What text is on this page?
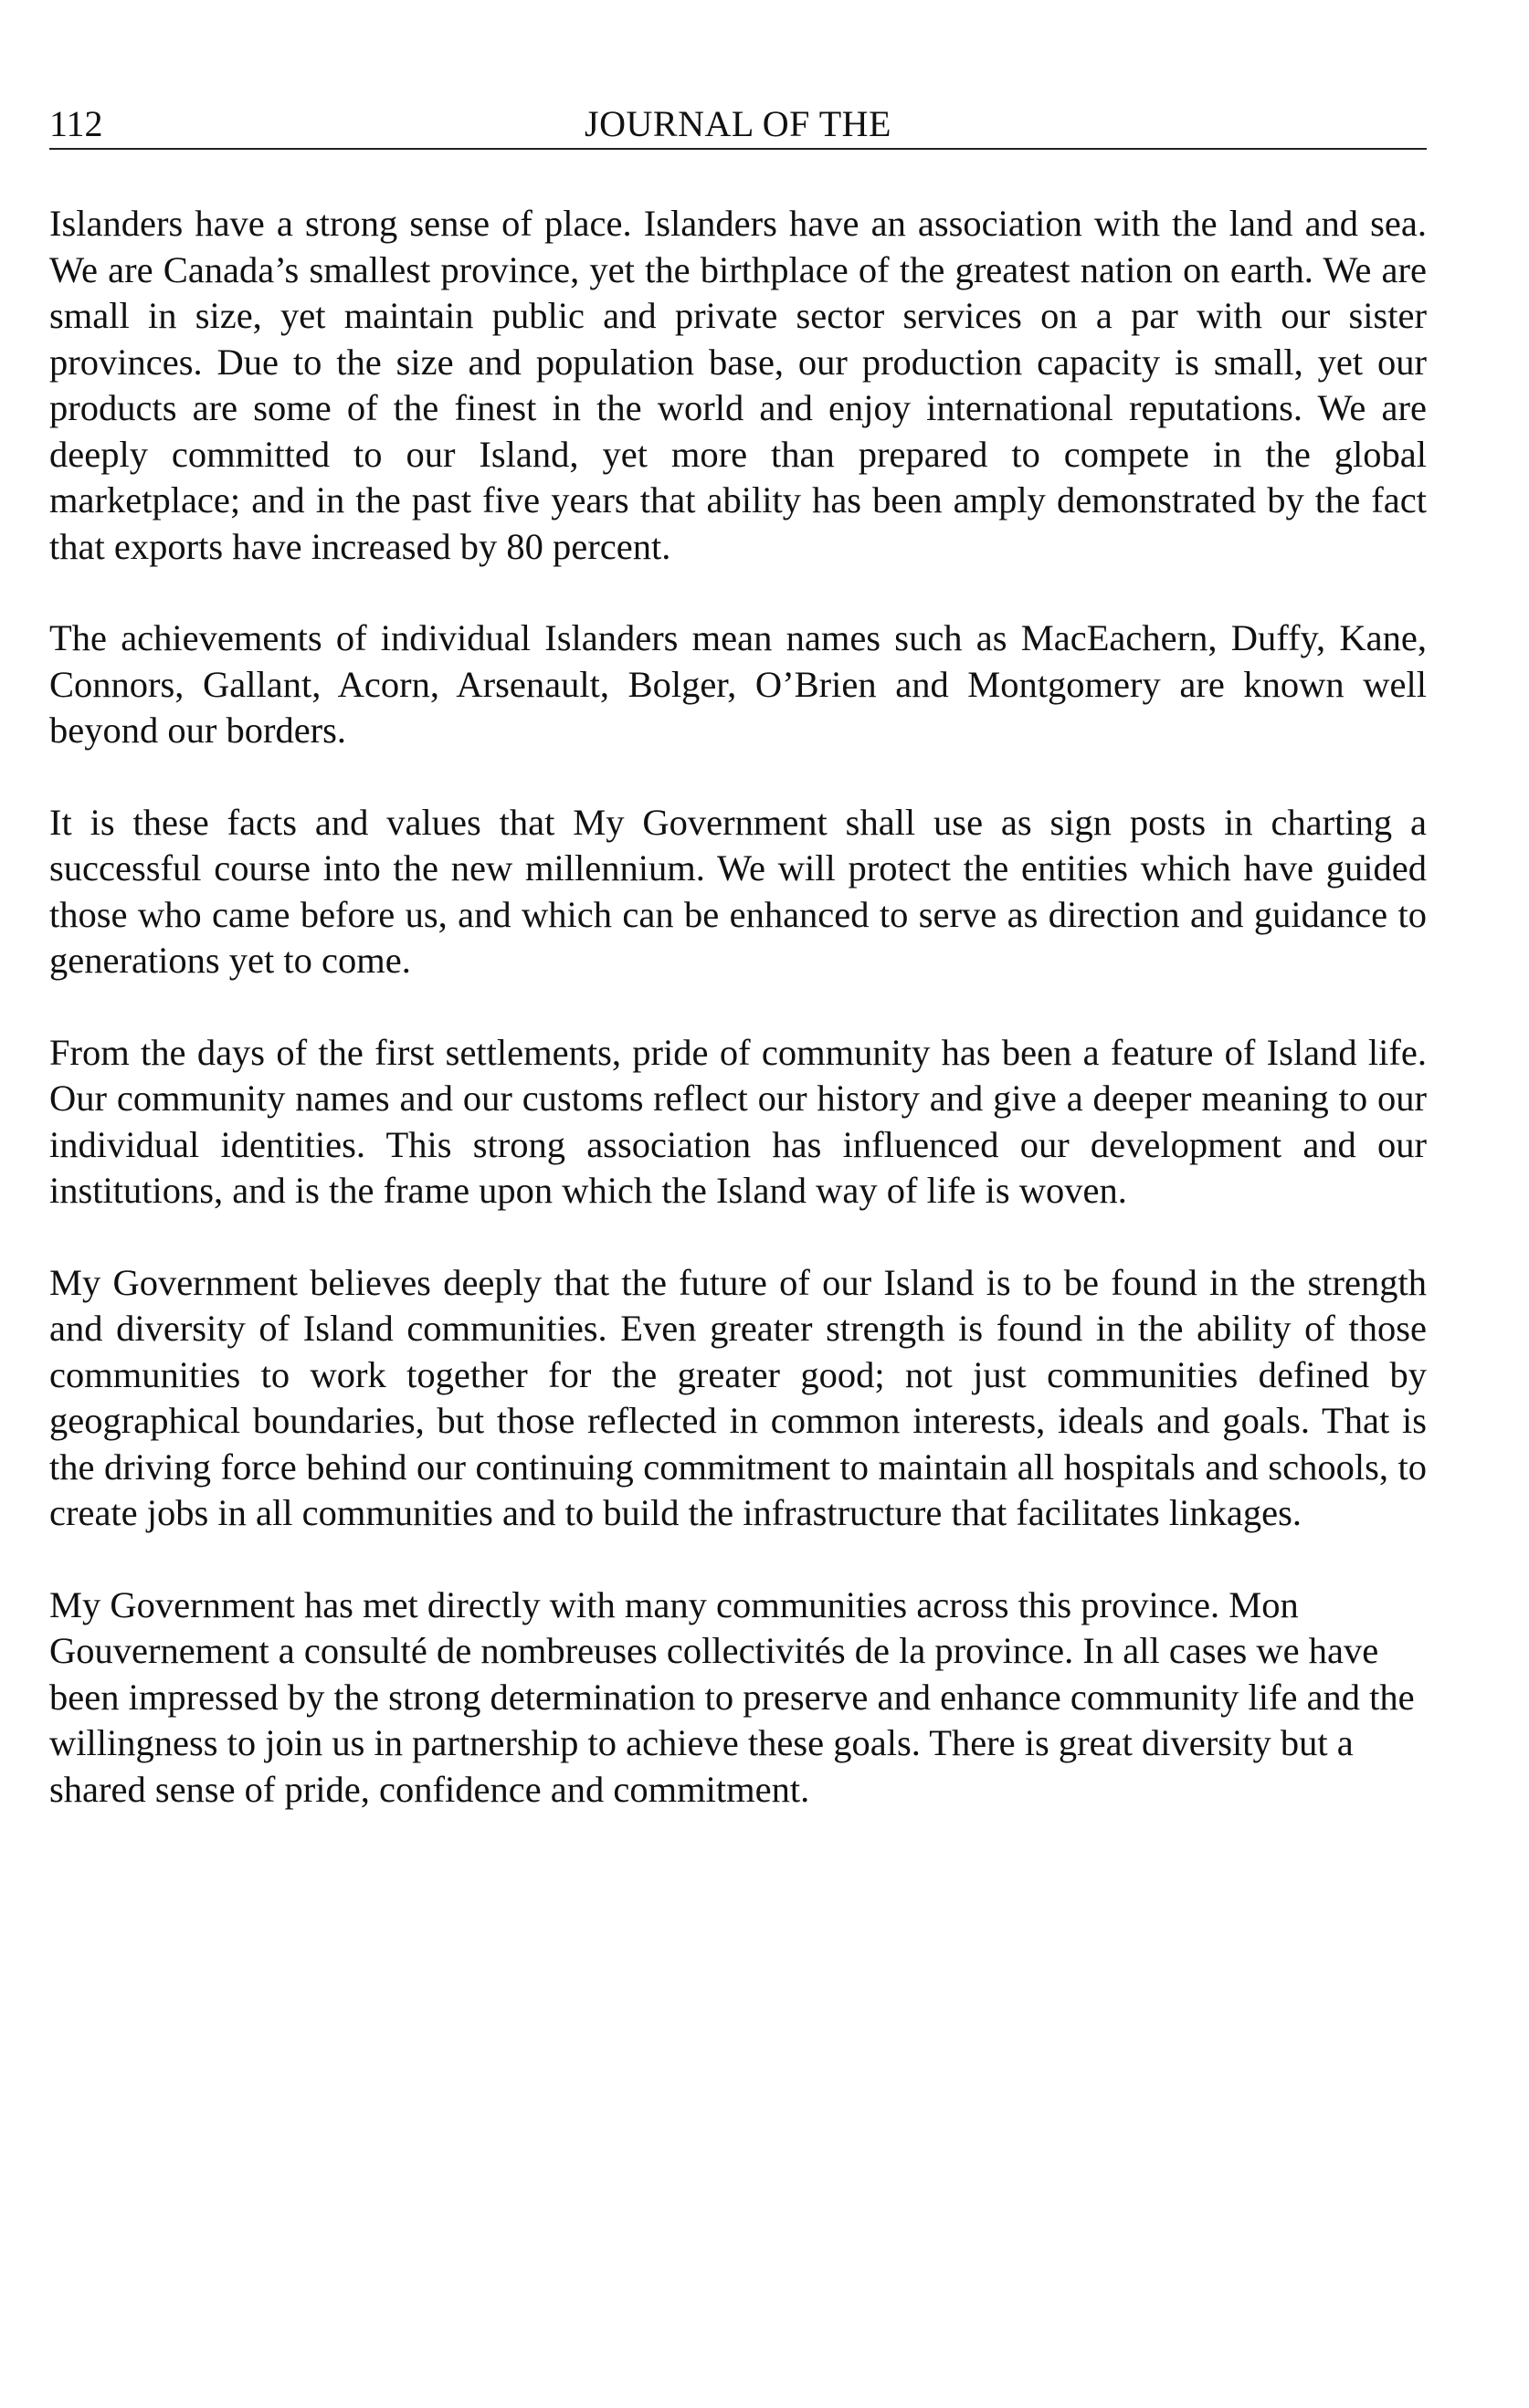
112	JOURNAL OF THE

Islanders have a strong sense of place. Islanders have an association with the land and sea. We are Canada’s smallest province, yet the birthplace of the greatest nation on earth. We are small in size, yet maintain public and private sector services on a par with our sister provinces. Due to the size and population base, our production capacity is small, yet our products are some of the finest in the world and enjoy international reputations. We are deeply committed to our Island, yet more than prepared to compete in the global marketplace; and in the past five years that ability has been amply demonstrated by the fact that exports have increased by 80 percent.

The achievements of individual Islanders mean names such as MacEachern, Duffy, Kane, Connors, Gallant, Acorn, Arsenault, Bolger, O’Brien and Montgomery are known well beyond our borders.

It is these facts and values that My Government shall use as sign posts in charting a successful course into the new millennium. We will protect the entities which have guided those who came before us, and which can be enhanced to serve as direction and guidance to generations yet to come.

From the days of the first settlements, pride of community has been a feature of Island life. Our community names and our customs reflect our history and give a deeper meaning to our individual identities. This strong association has influenced our development and our institutions, and is the frame upon which the Island way of life is woven.

My Government believes deeply that the future of our Island is to be found in the strength and diversity of Island communities. Even greater strength is found in the ability of those communities to work together for the greater good; not just communities defined by geographical boundaries, but those reflected in common interests, ideals and goals. That is the driving force behind our continuing commitment to maintain all hospitals and schools, to create jobs in all communities and to build the infrastructure that facilitates linkages.

My Government has met directly with many communities across this province. Mon Gouvernement a consulté de nombreuses collectivités de la province. In all cases we have been impressed by the strong determination to preserve and enhance community life and the willingness to join us in partnership to achieve these goals. There is great diversity but a shared sense of pride, confidence and commitment.
